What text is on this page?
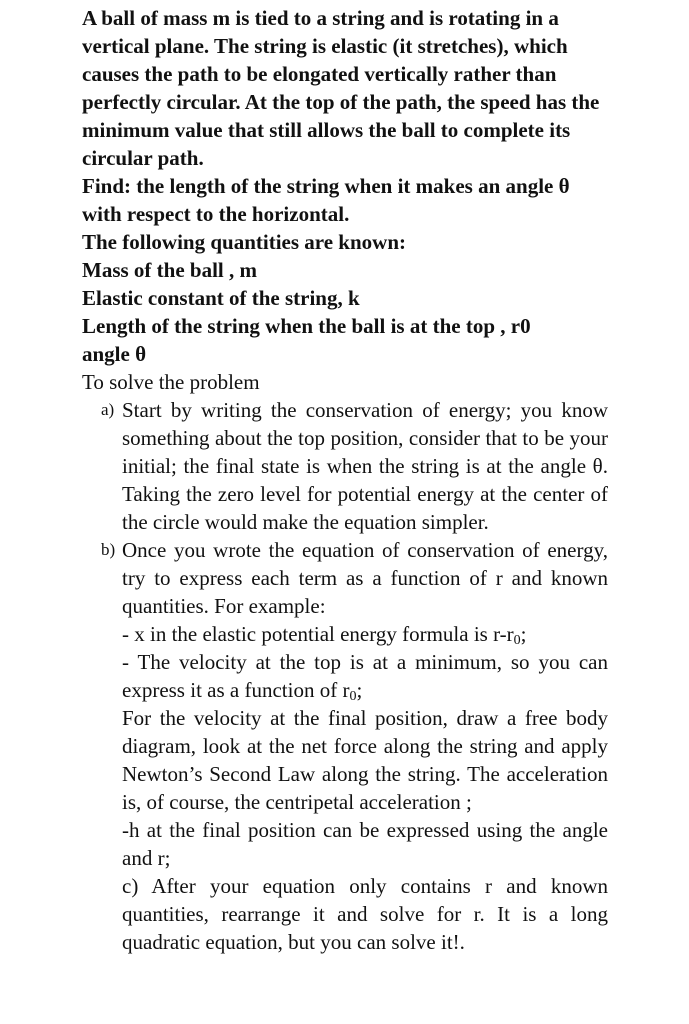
A ball of mass m is tied to a string and is rotating in a vertical plane. The string is elastic (it stretches), which causes the path to be elongated vertically rather than perfectly circular. At the top of the path, the speed has the minimum value that still allows the ball to complete its circular path.
Find: the length of the string when it makes an angle θ with respect to the horizontal.
The following quantities are known:
Mass of the ball , m
Elastic constant of the string, k
Length of the string when the ball is at the top , r0
angle θ
To solve the problem
a) Start by writing the conservation of energy; you know something about the top position, consider that to be your initial; the final state is when the string is at the angle θ. Taking the zero level for potential energy at the center of the circle would make the equation simpler.
b) Once you wrote the equation of conservation of energy, try to express each term as a function of r and known quantities. For example:
- x in the elastic potential energy formula is $r-r_0$;
- The velocity at the top is at a minimum, so you can express it as a function of $r_0$;
For the velocity at the final position, draw a free body diagram, look at the net force along the string and apply Newton’s Second Law along the string. The acceleration is, of course, the centripetal acceleration ;
-h at the final position can be expressed using the angle and r;
c) After your equation only contains r and known quantities, rearrange it and solve for r. It is a long quadratic equation, but you can solve it!.
